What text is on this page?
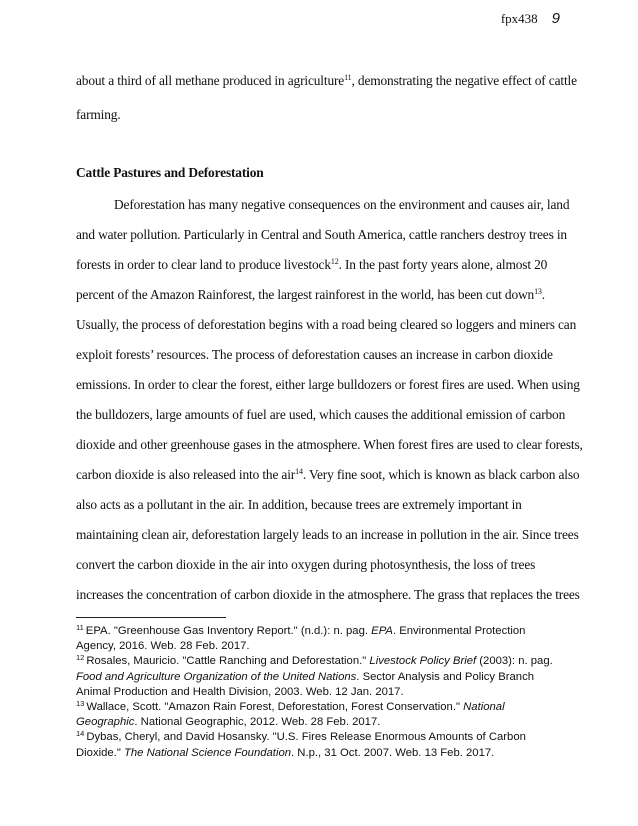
fpx438 9
about a third of all methane produced in agriculture$^{11}$, demonstrating the negative effect of cattle
farming.
Cattle Pastures and Deforestation
Deforestation has many negative consequences on the environment and causes air, land
and water pollution. Particularly in Central and South America, cattle ranchers destroy trees in
forests in order to clear land to produce livestock$^{12}$. In the past forty years alone, almost 20
percent of the Amazon Rainforest, the largest rainforest in the world, has been cut down$^{13}$.
Usually, the process of deforestation begins with a road being cleared so loggers and miners can
exploit forests’ resources. The process of deforestation causes an increase in carbon dioxide
emissions. In order to clear the forest, either large bulldozers or forest fires are used. When using
the bulldozers, large amounts of fuel are used, which causes the additional emission of carbon
dioxide and other greenhouse gases in the atmosphere. When forest fires are used to clear forests,
carbon dioxide is also released into the air$^{14}$. Very fine soot, which is known as black carbon also
also acts as a pollutant in the air. In addition, because trees are extremely important in
maintaining clean air, deforestation largely leads to an increase in pollution in the air. Since trees
convert the carbon dioxide in the air into oxygen during photosynthesis, the loss of trees
increases the concentration of carbon dioxide in the atmosphere. The grass that replaces the trees
$^{11}$ EPA. "Greenhouse Gas Inventory Report." (n.d.): n. pag. EPA. Environmental Protection
Agency, 2016. Web. 28 Feb. 2017.
$^{12}$ Rosales, Mauricio. "Cattle Ranching and Deforestation." Livestock Policy Brief (2003): n. pag.
Food and Agriculture Organization of the United Nations. Sector Analysis and Policy Branch
Animal Production and Health Division, 2003. Web. 12 Jan. 2017.
$^{13}$ Wallace, Scott. "Amazon Rain Forest, Deforestation, Forest Conservation." National
Geographic. National Geographic, 2012. Web. 28 Feb. 2017.
$^{14}$ Dybas, Cheryl, and David Hosansky. "U.S. Fires Release Enormous Amounts of Carbon
Dioxide." The National Science Foundation. N.p., 31 Oct. 2007. Web. 13 Feb. 2017.
